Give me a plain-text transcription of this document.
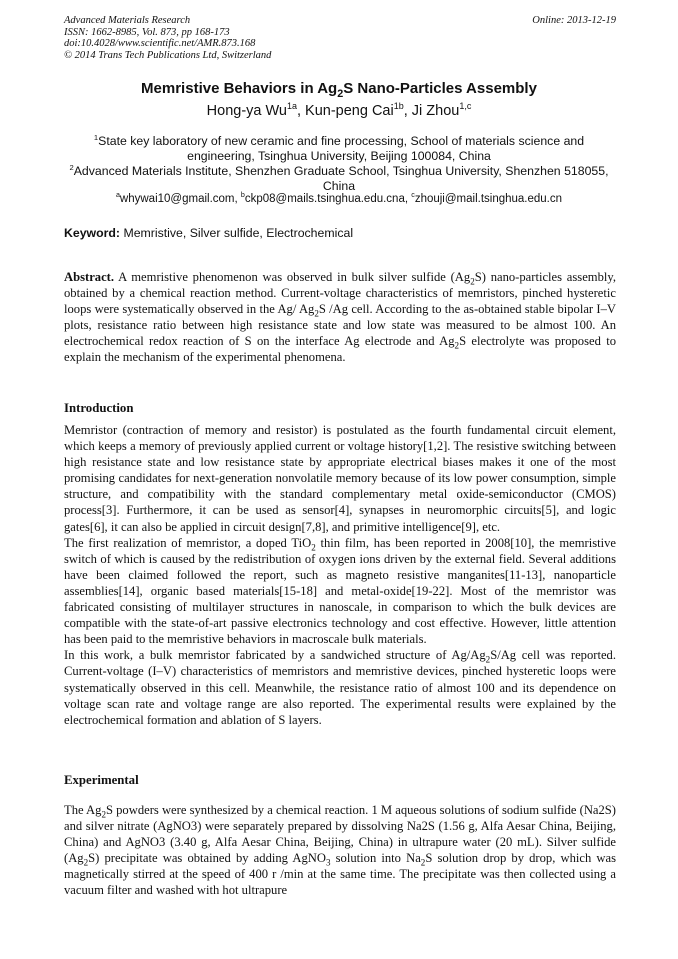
Advanced Materials Research
ISSN: 1662-8985, Vol. 873, pp 168-173
doi:10.4028/www.scientific.net/AMR.873.168
© 2014 Trans Tech Publications Ltd, Switzerland
Online: 2013-12-19
Memristive Behaviors in $Ag_2S$ Nano-Particles Assembly
Hong-ya $Wu^{1a}$, Kun-peng Cai$^{1b}$, Ji Zhou$^{1,c}$
$^1$State key laboratory of new ceramic and fine processing, School of materials science and engineering, Tsinghua University, Beijing 100084, China
$^2$Advanced Materials Institute, Shenzhen Graduate School, Tsinghua University, Shenzhen 518055, China
$^a$whywai10@gmail.com, $^b$ckp08@mails.tsinghua.edu.cna, $^c$zhouji@mail.tsinghua.edu.cn
Keyword: Memristive, Silver sulfide, Electrochemical
Abstract. A memristive phenomenon was observed in bulk silver sulfide $(Ag_2S)$ nano-particles assembly, obtained by a chemical reaction method. Current-voltage characteristics of memristors, pinched hysteretic loops were systematically observed in the Ag/ $Ag_2S$ /Ag cell. According to the as-obtained stable bipolar I–V plots, resistance ratio between high resistance state and low state was measured to be almost 100. An electrochemical redox reaction of S on the interface Ag electrode and $Ag_2S$ electrolyte was proposed to explain the mechanism of the experimental phenomena.
Introduction

Memristor (contraction of memory and resistor) is postulated as the fourth fundamental circuit element, which keeps a memory of previously applied current or voltage history[1,2]. The resistive switching between high resistance state and low resistance state by appropriate electrical biases makes it one of the most promising candidates for next-generation nonvolatile memory because of its low power consumption, simple structure, and compatibility with the standard complementary metal oxide-semiconductor (CMOS) process[3]. Furthermore, it can be used as sensor[4], synapses in neuromorphic circuits[5], and logic gates[6], it can also be applied in circuit design[7,8], and primitive intelligence[9], etc.

The first realization of memristor, a doped TiO$_2$ thin film, has been reported in 2008[10], the memristive switch of which is caused by the redistribution of oxygen ions driven by the external field. Several additions have been claimed followed the report, such as magneto resistive manganites[11-13], nanoparticle assemblies[14], organic based materials[15-18] and metal-oxide[19-22]. Most of the memristor was fabricated consisting of multilayer structures in nanoscale, in comparison to which the bulk devices are compatible with the state-of-art passive electronics technology and cost effective. However, little attention has been paid to the memristive behaviors in macroscale bulk materials.

In this work, a bulk memristor fabricated by a sandwiched structure of $Ag/Ag_2S/Ag$ cell was reported. Current-voltage (I–V) characteristics of memristors and memristive devices, pinched hysteretic loops were systematically observed in this cell. Meanwhile, the resistance ratio of almost 100 and its dependence on voltage scan rate and voltage range are also reported. The experimental results were explained by the electrochemical formation and ablation of S layers.

Experimental
The $Ag_2S$ powders were synthesized by a chemical reaction. 1 M aqueous solutions of sodium sulfide (Na2S) and silver nitrate (AgNO3) were separately prepared by dissolving Na2S (1.56 g, Alfa Aesar China, Beijing, China) and AgNO3 (3.40 g, Alfa Aesar China, Beijing, China) in ultrapure water (20 mL). Silver sulfide $(Ag_2S)$ precipitate was obtained by adding AgNO$_3$ solution into $Na_2S$ solution drop by drop, which was magnetically stirred at the speed of 400 r /min at the same time. The precipitate was then collected using a vacuum filter and washed with hot ultrapure
